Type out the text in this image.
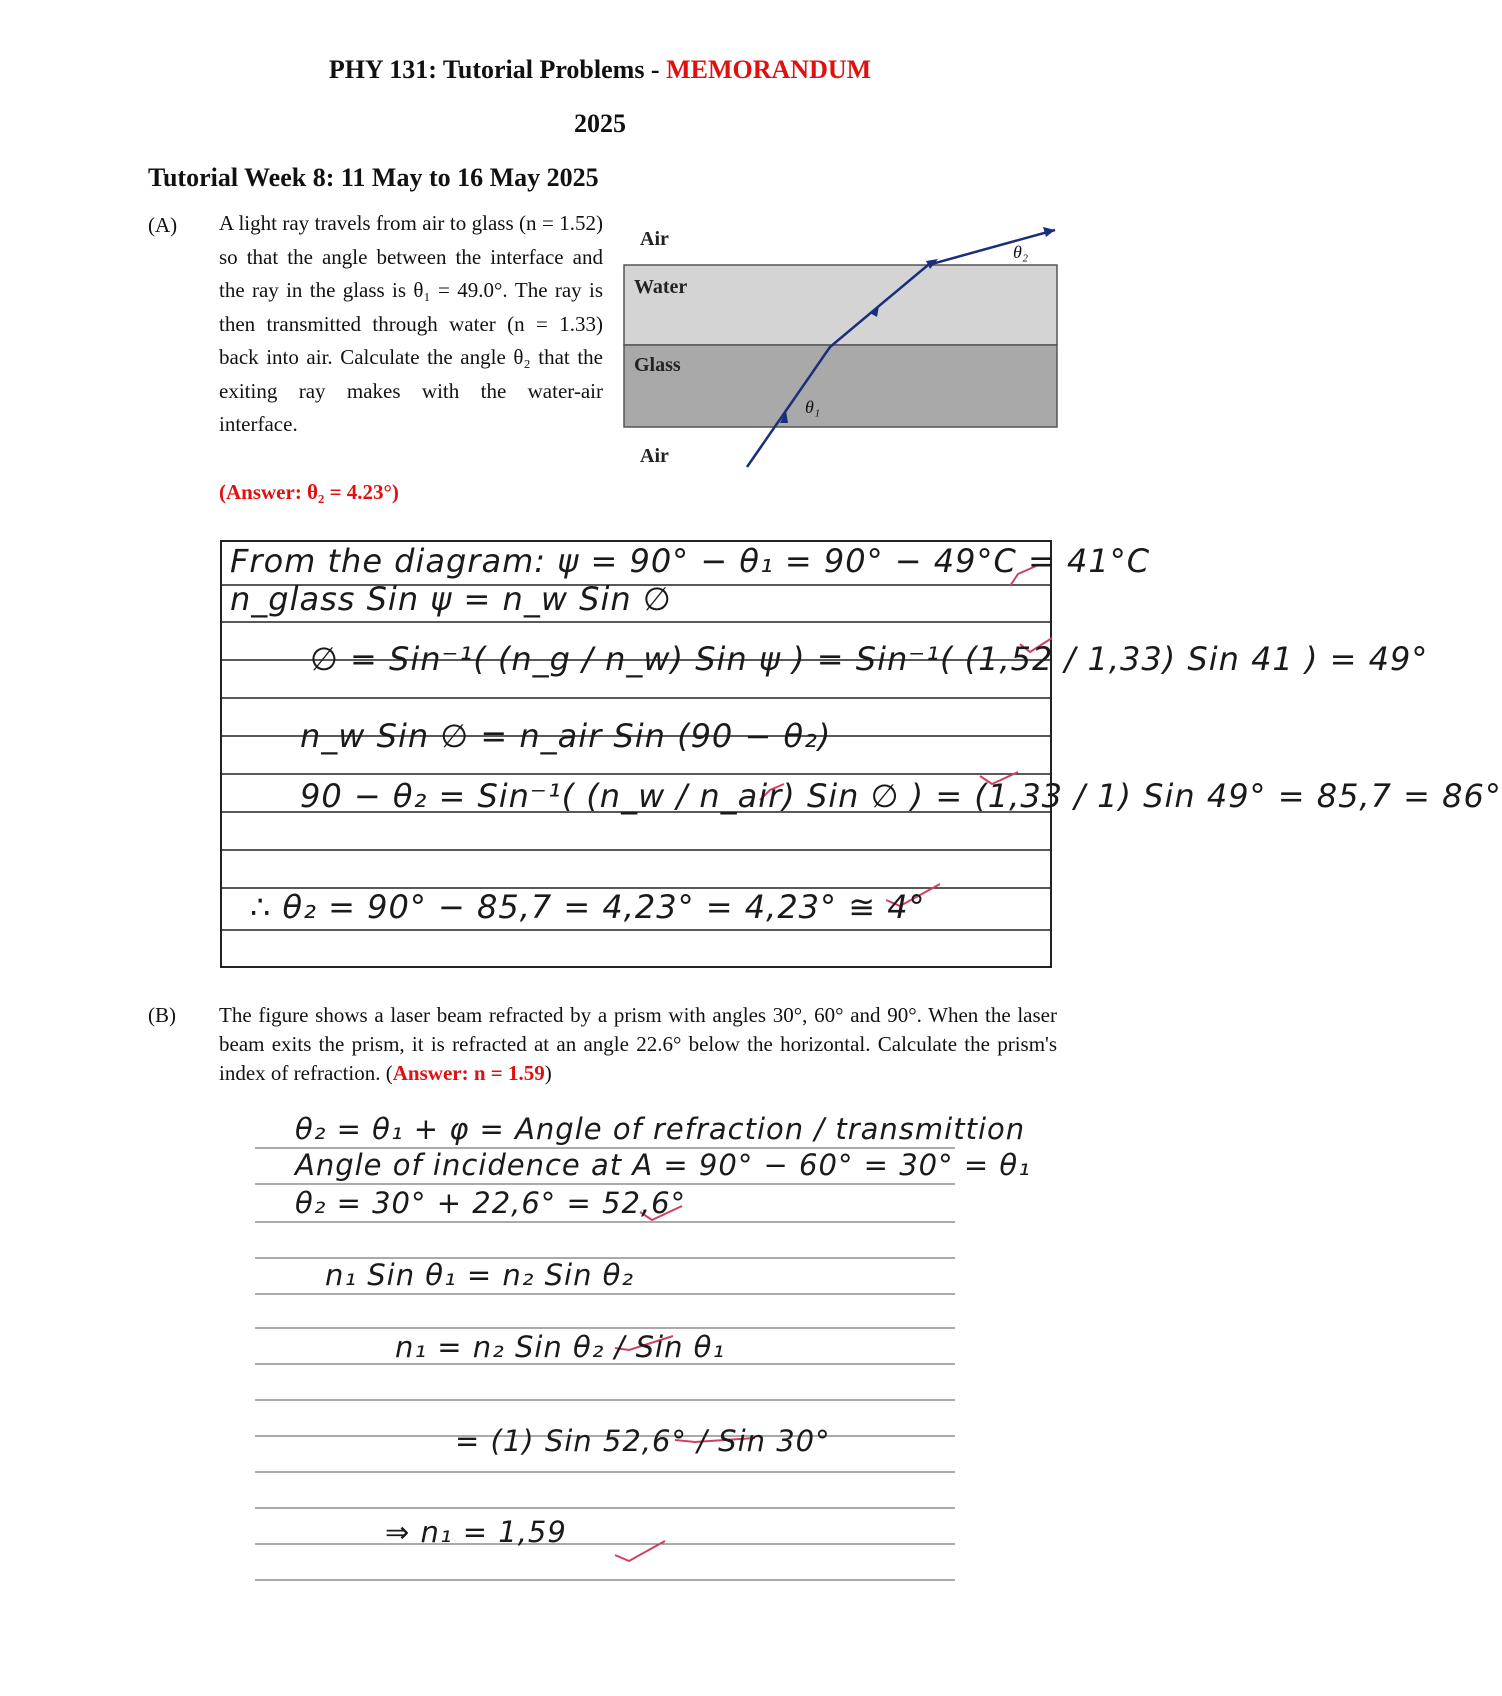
PHY 131: Tutorial Problems - MEMORANDUM
2025
Tutorial Week 8: 11 May to 16 May 2025
(A) A light ray travels from air to glass (n = 1.52) so that the angle between the interface and the ray in the glass is θ₁ = 49.0°. The ray is then transmitted through water (n = 1.33) back into air. Calculate the angle θ₂ that the exiting ray makes with the water-air interface.
Air
Water
Glass
Air
θ₁
θ₂
(Answer: θ₂ = 4.23°)
From the diagram: ψ = 90° − θ₁ = 90° − 49°C = 41°C
n_glass Sin ψ = n_w Sin ∅
∅ = Sin⁻¹( (n_g / n_w) Sin ψ ) = Sin⁻¹( (1,52 / 1,33) Sin 41 ) = 49°
n_w Sin ∅ = n_air Sin (90 − θ₂)
90 − θ₂ = Sin⁻¹( (n_w / n_air) Sin ∅ ) = (1,33 / 1) Sin 49° = 85,7 = 86°
∴ θ₂ = 90° − 85,7 = 4,23° = 4,23° ≅ 4°
(B) The figure shows a laser beam refracted by a prism with angles 30°, 60° and 90°. When the laser beam exits the prism, it is refracted at an angle 22.6° below the horizontal. Calculate the prism's index of refraction. (Answer: n = 1.59)
θ₂ = θ₁ + φ = Angle of refraction / transmittion
Angle of incidence at A = 90° − 60° = 30° = θ₁
θ₂ = 30° + 22,6° = 52,6°
n₁ Sin θ₁ = n₂ Sin θ₂
n₁ = n₂ Sin θ₂ / Sin θ₁
= (1) Sin 52,6° / Sin 30°
⇒ n₁ = 1,59
